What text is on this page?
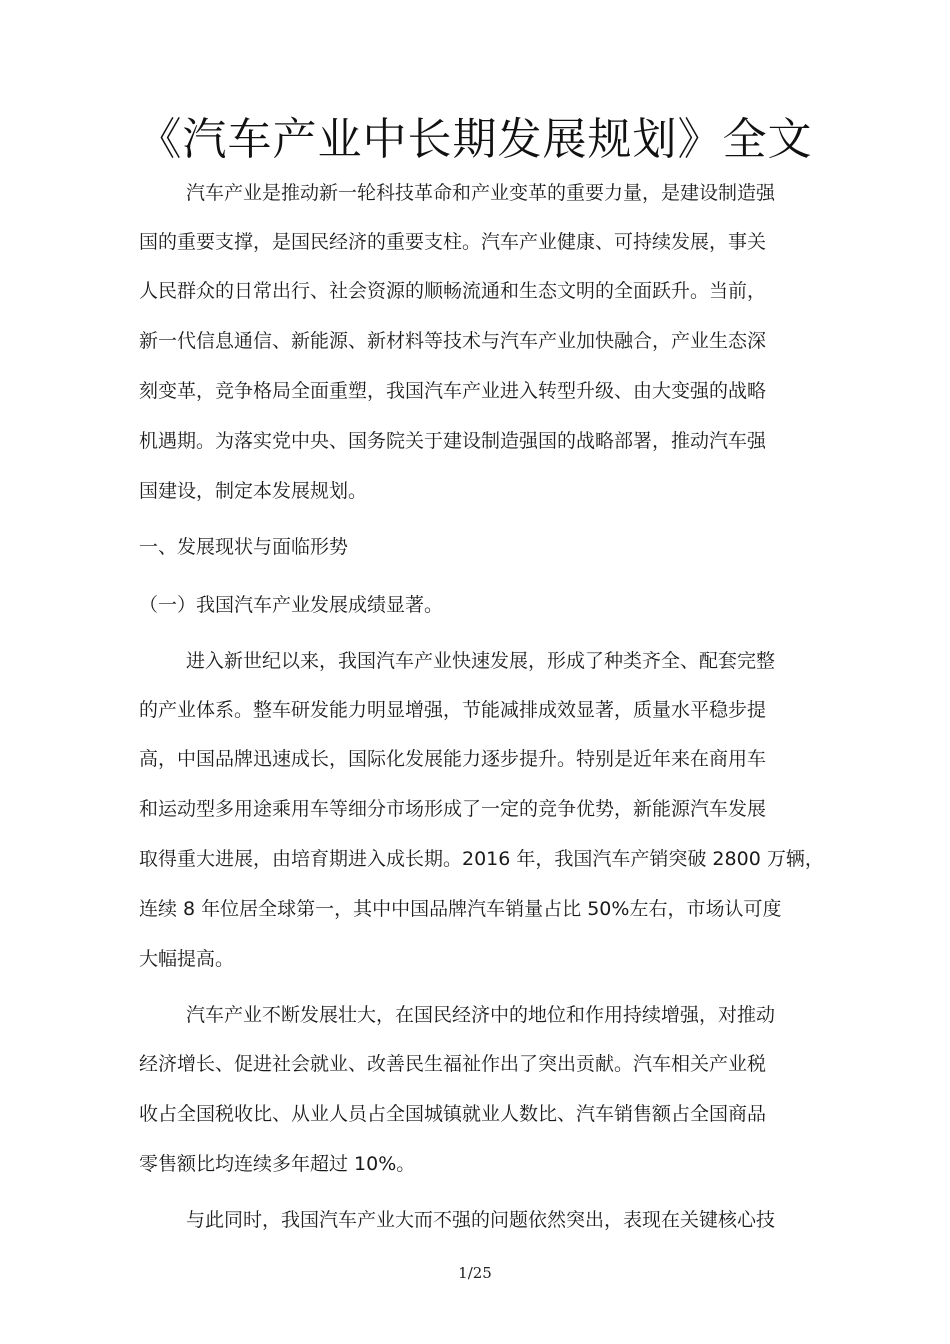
《汽车产业中长期发展规划》全文
汽车产业是推动新一轮科技革命和产业变革的重要力量，是建设制造强
国的重要支撑，是国民经济的重要支柱。汽车产业健康、可持续发展，事关
人民群众的日常出行、社会资源的顺畅流通和生态文明的全面跃升。当前，
新一代信息通信、新能源、新材料等技术与汽车产业加快融合，产业生态深
刻变革，竞争格局全面重塑，我国汽车产业进入转型升级、由大变强的战略
机遇期。为落实党中央、国务院关于建设制造强国的战略部署，推动汽车强
国建设，制定本发展规划。
一、发展现状与面临形势
（一）我国汽车产业发展成绩显著。
进入新世纪以来，我国汽车产业快速发展，形成了种类齐全、配套完整
的产业体系。整车研发能力明显增强，节能减排成效显著，质量水平稳步提
高，中国品牌迅速成长，国际化发展能力逐步提升。特别是近年来在商用车
和运动型多用途乘用车等细分市场形成了一定的竞争优势，新能源汽车发展
取得重大进展，由培育期进入成长期。2016 年，我国汽车产销突破 2800 万辆，
连续 8 年位居全球第一，其中中国品牌汽车销量占比 50%左右，市场认可度
大幅提高。
汽车产业不断发展壮大，在国民经济中的地位和作用持续增强，对推动
经济增长、促进社会就业、改善民生福祉作出了突出贡献。汽车相关产业税
收占全国税收比、从业人员占全国城镇就业人数比、汽车销售额占全国商品
零售额比均连续多年超过 10%。
与此同时，我国汽车产业大而不强的问题依然突出，表现在关键核心技
1/25
